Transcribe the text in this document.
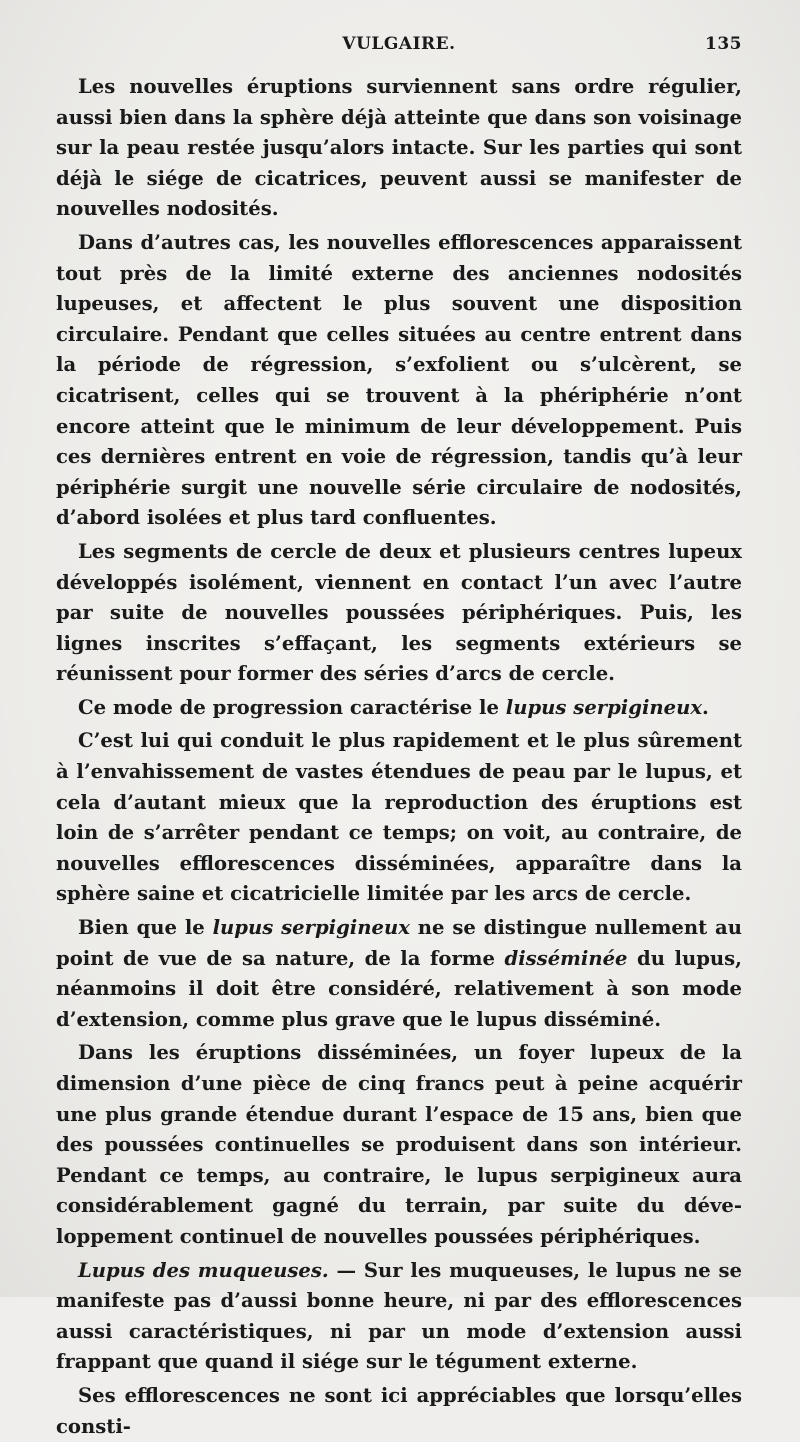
VULGAIRE.	135

Les nouvelles éruptions surviennent sans ordre régulier, aussi bien dans la sphère déjà atteinte que dans son voisinage sur la peau restée jusqu’alors intacte. Sur les parties qui sont déjà le siége de cicatrices, peuvent aussi se manifester de nouvelles nodosités.

Dans d’autres cas, les nouvelles efflorescences apparaissent tout près de la limité externe des anciennes nodosités lupeuses, et affectent le plus souvent une disposition circulaire. Pendant que celles situées au centre entrent dans la période de régression, s’exfolient ou s’ulcèrent, se cicatrisent, celles qui se trouvent à la phériphérie n’ont encore atteint que le minimum de leur développement. Puis ces dernières entrent en voie de régression, tandis qu’à leur périphérie surgit une nouvelle série circulaire de nodosités, d’abord isolées et plus tard confluentes.

Les segments de cercle de deux et plusieurs centres lupeux développés isolément, viennent en contact l’un avec l’autre par suite de nouvelles poussées périphériques. Puis, les lignes inscrites s’effaçant, les segments extérieurs se réunissent pour former des séries d’arcs de cercle.

Ce mode de progression caractérise le lupus serpigineux.

C’est lui qui conduit le plus rapidement et le plus sûrement à l’envahissement de vastes étendues de peau par le lupus, et cela d’autant mieux que la reproduction des éruptions est loin de s’arrêter pendant ce temps; on voit, au contraire, de nouvelles efflorescences disséminées, apparaître dans la sphère saine et cicatricielle limitée par les arcs de cercle.

Bien que le lupus serpigineux ne se distingue nullement au point de vue de sa nature, de la forme disséminée du lupus, néanmoins il doit être considéré, relativement à son mode d’extension, comme plus grave que le lupus disséminé.

Dans les éruptions disséminées, un foyer lupeux de la dimension d’une pièce de cinq francs peut à peine acquérir une plus grande étendue durant l’espace de 15 ans, bien que des poussées continuelles se produisent dans son intérieur. Pendant ce temps, au contraire, le lupus serpigineux aura considérablement gagné du terrain, par suite du développement continuel de nouvelles poussées périphériques.

Lupus des muqueuses. — Sur les muqueuses, le lupus ne se manifeste pas d’aussi bonne heure, ni par des efflorescences aussi caractéristiques, ni par un mode d’extension aussi frappant que quand il siége sur le tégument externe.

Ses efflorescences ne sont ici appréciables que lorsqu’elles consti-
